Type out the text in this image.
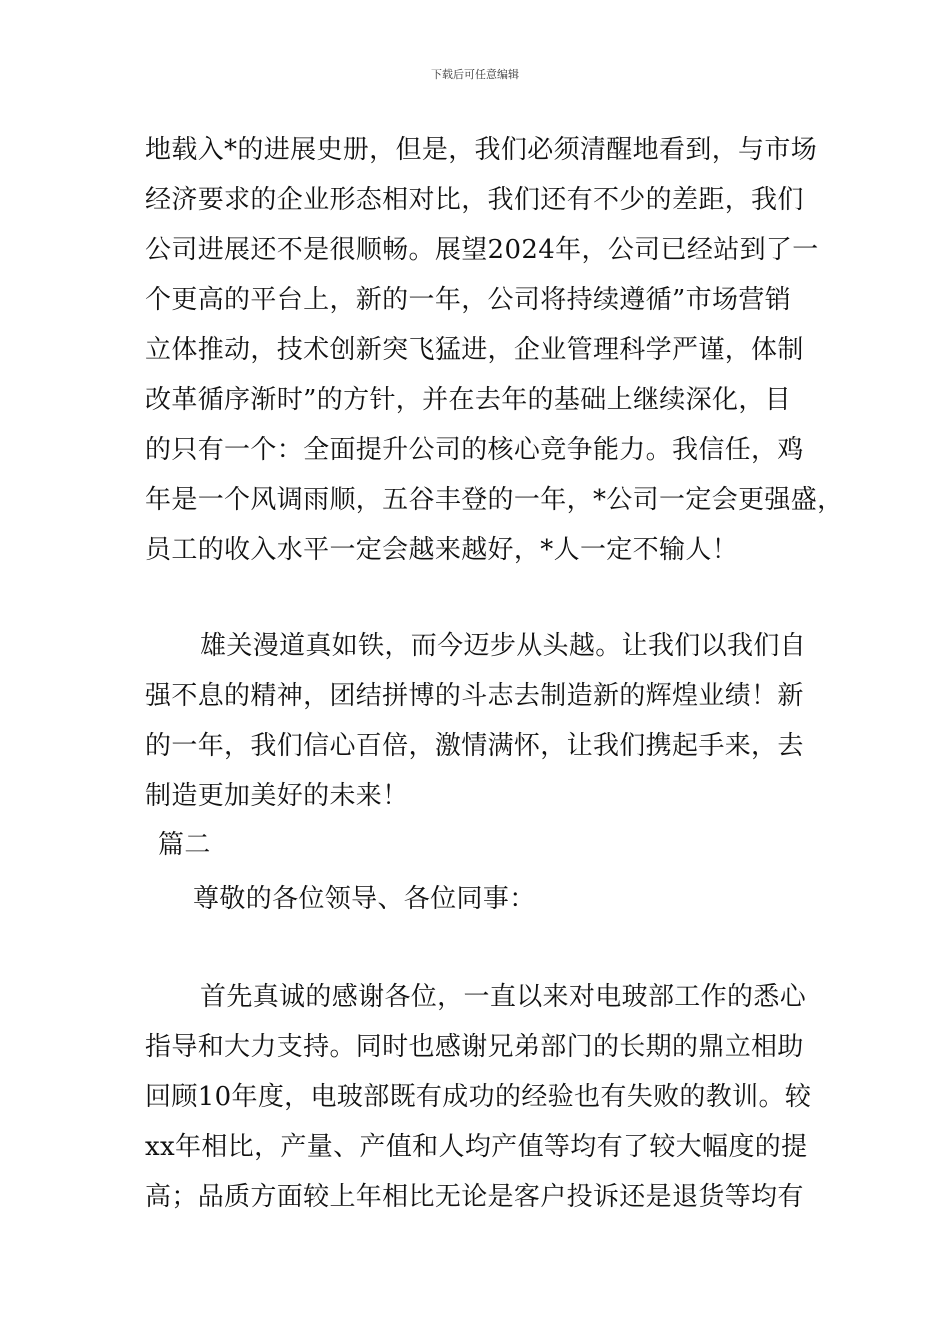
下载后可任意编辑
地载入*的进展史册，但是，我们必须清醒地看到，与市场
经济要求的企业形态相对比，我们还有不少的差距，我们
公司进展还不是很顺畅。展望2024年，公司已经站到了一
个更高的平台上，新的一年，公司将持续遵循”市场营销
立体推动，技术创新突飞猛进，企业管理科学严谨，体制
改革循序渐时”的方针，并在去年的基础上继续深化，目
的只有一个：全面提升公司的核心竞争能力。我信任，鸡
年是一个风调雨顺，五谷丰登的一年，*公司一定会更强盛，
员工的收入水平一定会越来越好，*人一定不输人！
雄关漫道真如铁，而今迈步从头越。让我们以我们自
强不息的精神，团结拼博的斗志去制造新的辉煌业绩！新
的一年，我们信心百倍，激情满怀，让我们携起手来，去
制造更加美好的未来！
篇二
尊敬的各位领导、各位同事：
首先真诚的感谢各位，一直以来对电玻部工作的悉心
指导和大力支持。同时也感谢兄弟部门的长期的鼎立相助
回顾10年度，电玻部既有成功的经验也有失败的教训。较
xx年相比，产量、产值和人均产值等均有了较大幅度的提
高；品质方面较上年相比无论是客户投诉还是退货等均有
